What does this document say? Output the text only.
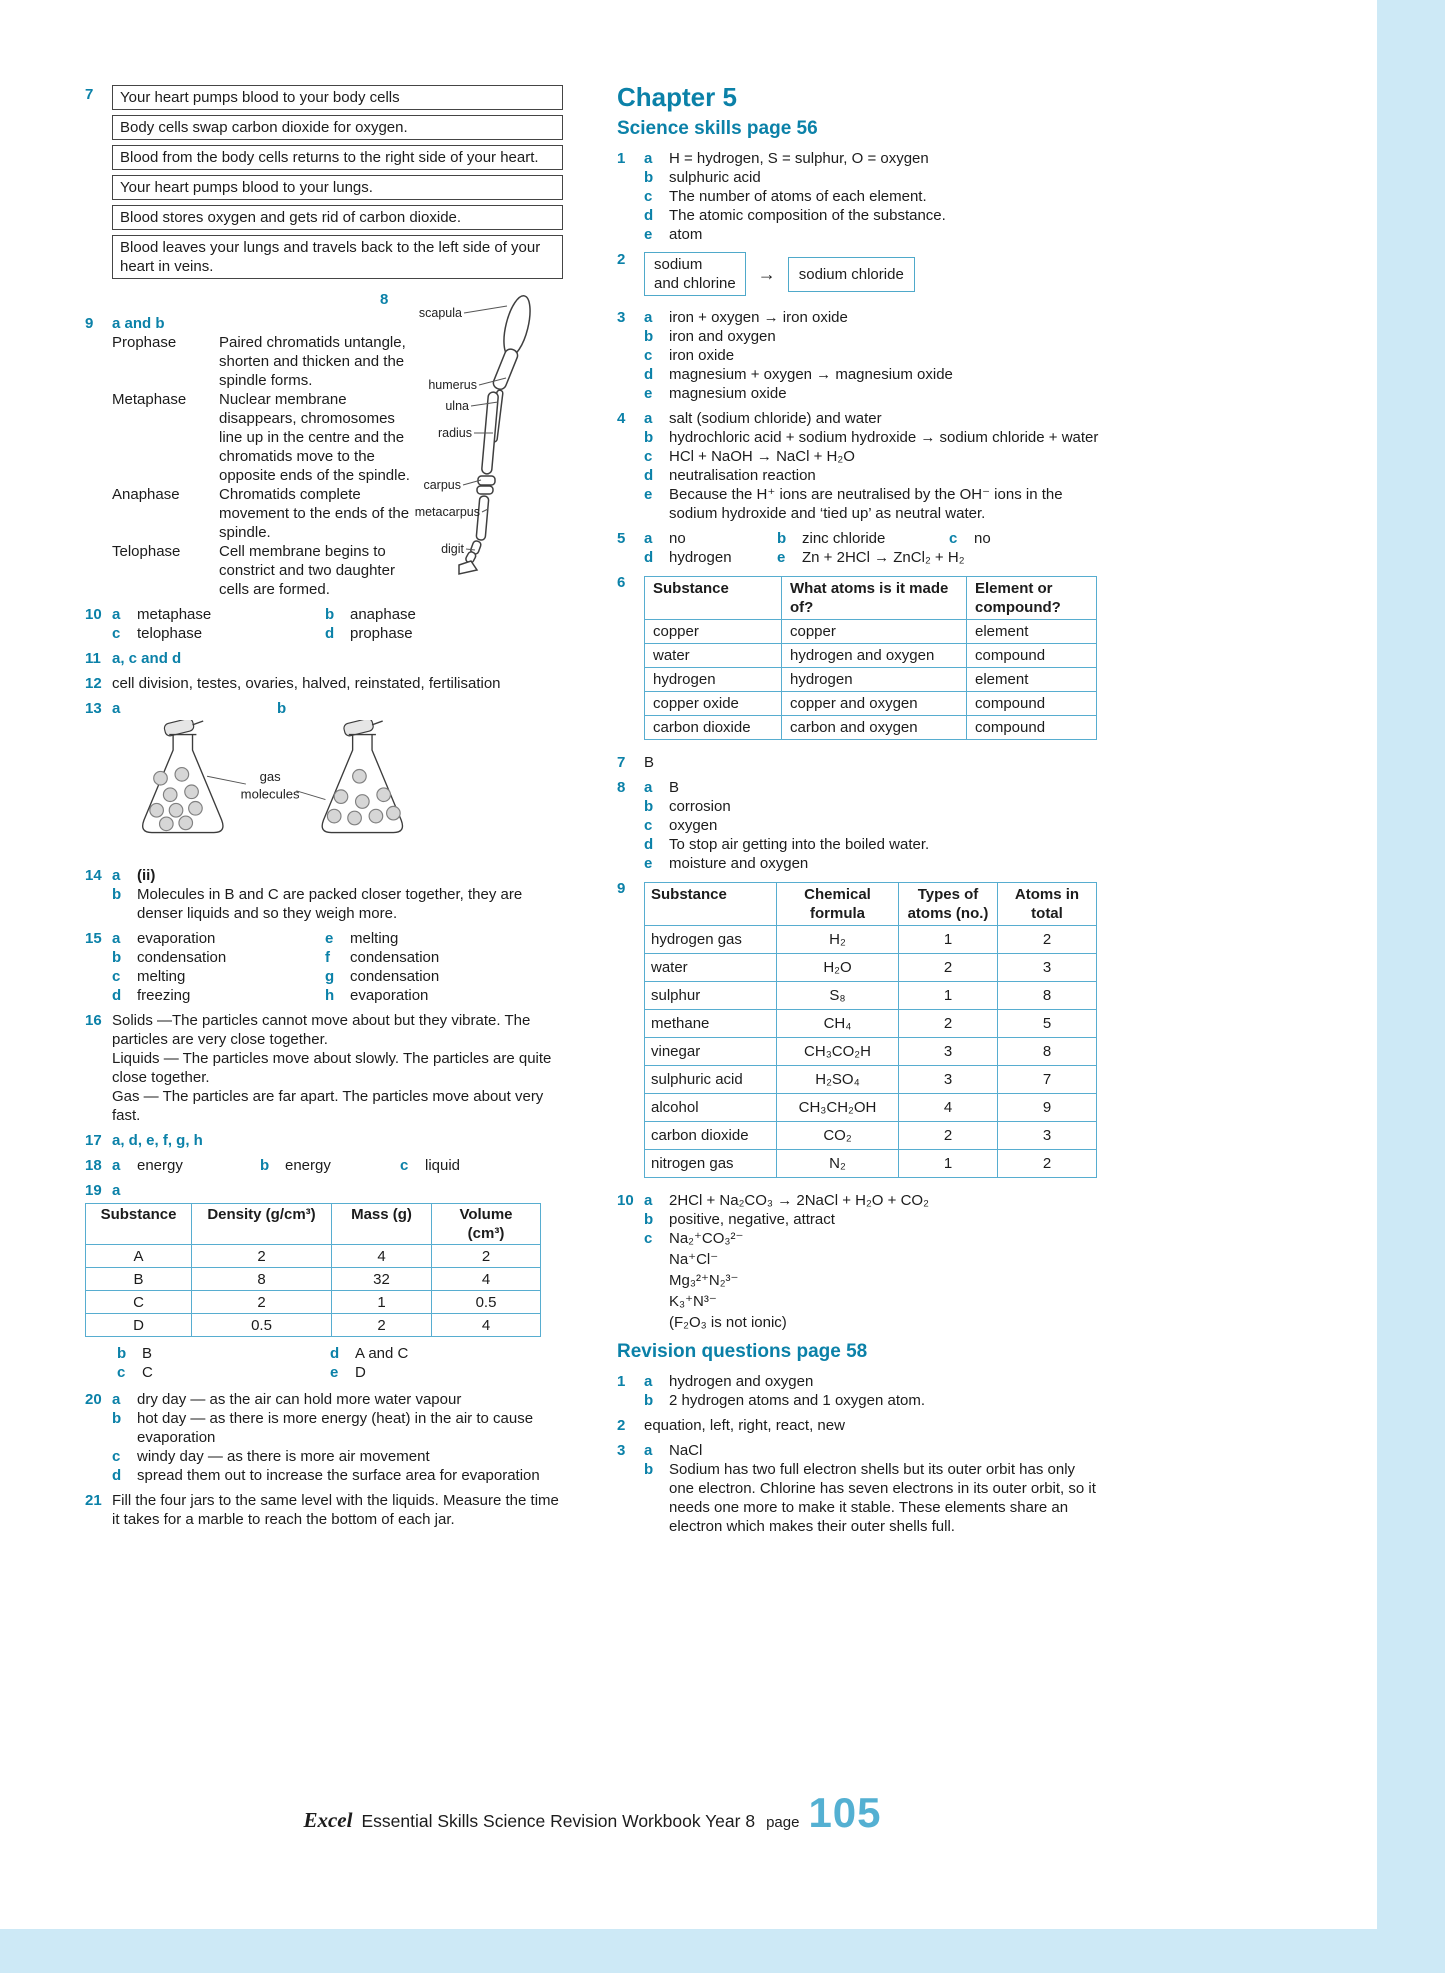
7	Your heart pumps blood to your body cells
Body cells swap carbon dioxide for oxygen.
Blood from the body cells returns to the right side of your heart.
Your heart pumps blood to your lungs.
Blood stores oxygen and gets rid of carbon dioxide.
Blood leaves your lungs and travels back to the left side of your heart in veins.
8
scapula
humerus
ulna
radius
carpus
metacarpus
digit
9	a and b
Prophase	Paired chromatids untangle, shorten and thicken and the spindle forms.
Metaphase	Nuclear membrane disappears, chromosomes line up in the centre and the chromatids move to the opposite ends of the spindle.
Anaphase	Chromatids complete movement to the ends of the spindle.
Telophase	Cell membrane begins to constrict and two daughter cells are formed.
10 a	metaphase	b	anaphase
c	telophase	d	prophase
11 a, c and d
12 cell division, testes, ovaries, halved, reinstated, fertilisation
13 a	b
gas
molecules
14 a	(ii)
b	Molecules in B and C are packed closer together, they are denser liquids and so they weigh more.
15 a	evaporation	e	melting
b	condensation	f	condensation
c	melting	g	condensation
d	freezing	h	evaporation
16 Solids —The particles cannot move about but they vibrate. The particles are very close together.
Liquids — The particles move about slowly. The particles are quite close together.
Gas — The particles are far apart. The particles move about very fast.
17 a, d, e, f, g, h
18 a	energy	b	energy	c	liquid
19 a
Substance	Density (g/cm³)	Mass (g)	Volume (cm³)
A	2	4	2
B	8	32	4
C	2	1	0.5
D	0.5	2	4
b	B	d	A and C
c	C	e	D
20 a	dry day — as the air can hold more water vapour
b	hot day — as there is more energy (heat) in the air to cause evaporation
c	windy day — as there is more air movement
d	spread them out to increase the surface area for evaporation
21 Fill the four jars to the same level with the liquids. Measure the time it takes for a marble to reach the bottom of each jar.
Chapter 5
Science skills page 56
1	a	H = hydrogen, S = sulphur, O = oxygen
b	sulphuric acid
c	The number of atoms of each element.
d	The atomic composition of the substance.
e	atom
2	sodium
and chlorine →	sodium chloride
3	a	iron + oxygen → iron oxide
b	iron and oxygen
c	iron oxide
d	magnesium + oxygen → magnesium oxide
e	magnesium oxide
4	a	salt (sodium chloride) and water
b	hydrochloric acid + sodium hydroxide → sodium chloride + water
c	HCl + NaOH → NaCl + H₂O
d	neutralisation reaction
e	Because the H⁺ ions are neutralised by the OH⁻ ions in the sodium hydroxide and ‘tied up’ as neutral water.
5	a	no	b	zinc chloride	c	no
d	hydrogen	e	Zn + 2HCl → ZnCl₂ + H₂
6	Substance	What atoms is it made of?	Element or compound?
copper	copper	element
water	hydrogen and oxygen	compound
hydrogen	hydrogen	element
copper oxide	copper and oxygen	compound
carbon dioxide	carbon and oxygen	compound
7	B
8	a	B
b	corrosion
c	oxygen
d	To stop air getting into the boiled water.
e	moisture and oxygen
9	Substance	Chemical formula	Types of atoms (no.)	Atoms in total
hydrogen gas	H₂	1	2
water	H₂O	2	3
sulphur	S₈	1	8
methane	CH₄	2	5
vinegar	CH₃CO₂H	3	8
sulphuric acid	H₂SO₄	3	7
alcohol	CH₃CH₂OH	4	9
carbon dioxide	CO₂	2	3
nitrogen gas	N₂	1	2
10 a	2HCl + Na₂CO₃ → 2NaCl + H₂O + CO₂
b	positive, negative, attract
c	Na₂⁺CO₃²⁻
Na⁺Cl⁻
Mg₃²⁺N₂³⁻
K₃⁺N³⁻
(F₂O₃ is not ionic)
Revision questions page 58
1	a	hydrogen and oxygen
b	2 hydrogen atoms and 1 oxygen atom.
2	equation, left, right, react, new
3	a	NaCl
b	Sodium has two full electron shells but its outer orbit has only one electron. Chlorine has seven electrons in its outer orbit, so it needs one more to make it stable. These elements share an electron which makes their outer shells full.
Excel Essential Skills Science Revision Workbook Year 8 page 105
